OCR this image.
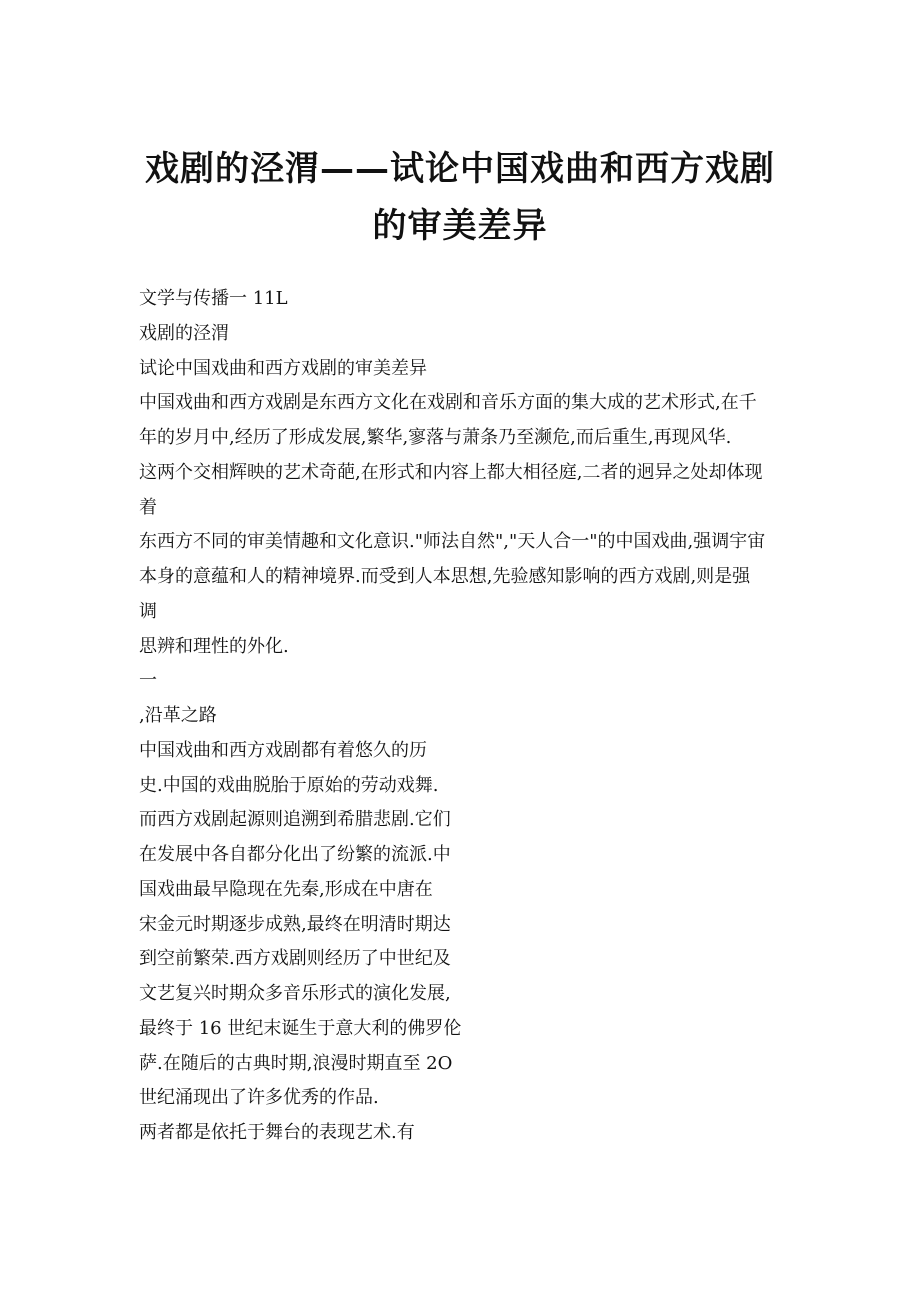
戏剧的泾渭——试论中国戏曲和西方戏剧
的审美差异
文学与传播一 11L
戏剧的泾渭
试论中国戏曲和西方戏剧的审美差异
中国戏曲和西方戏剧是东西方文化在戏剧和音乐方面的集大成的艺术形式,在千
年的岁月中,经历了形成发展,繁华,寥落与萧条乃至濒危,而后重生,再现风华.
这两个交相辉映的艺术奇葩,在形式和内容上都大相径庭,二者的迥异之处却体现
着
东西方不同的审美情趣和文化意识."师法自然","天人合一"的中国戏曲,强调宇宙
本身的意蕴和人的精神境界.而受到人本思想,先验感知影响的西方戏剧,则是强
调
思辨和理性的外化.
一
,沿革之路
中国戏曲和西方戏剧都有着悠久的历
史.中国的戏曲脱胎于原始的劳动戏舞.
而西方戏剧起源则追溯到希腊悲剧.它们
在发展中各自都分化出了纷繁的流派.中
国戏曲最早隐现在先秦,形成在中唐在
宋金元时期逐步成熟,最终在明清时期达
到空前繁荣.西方戏剧则经历了中世纪及
文艺复兴时期众多音乐形式的演化发展,
最终于 16 世纪末诞生于意大利的佛罗伦
萨.在随后的古典时期,浪漫时期直至 2O
世纪涌现出了许多优秀的作品.
两者都是依托于舞台的表现艺术.有
